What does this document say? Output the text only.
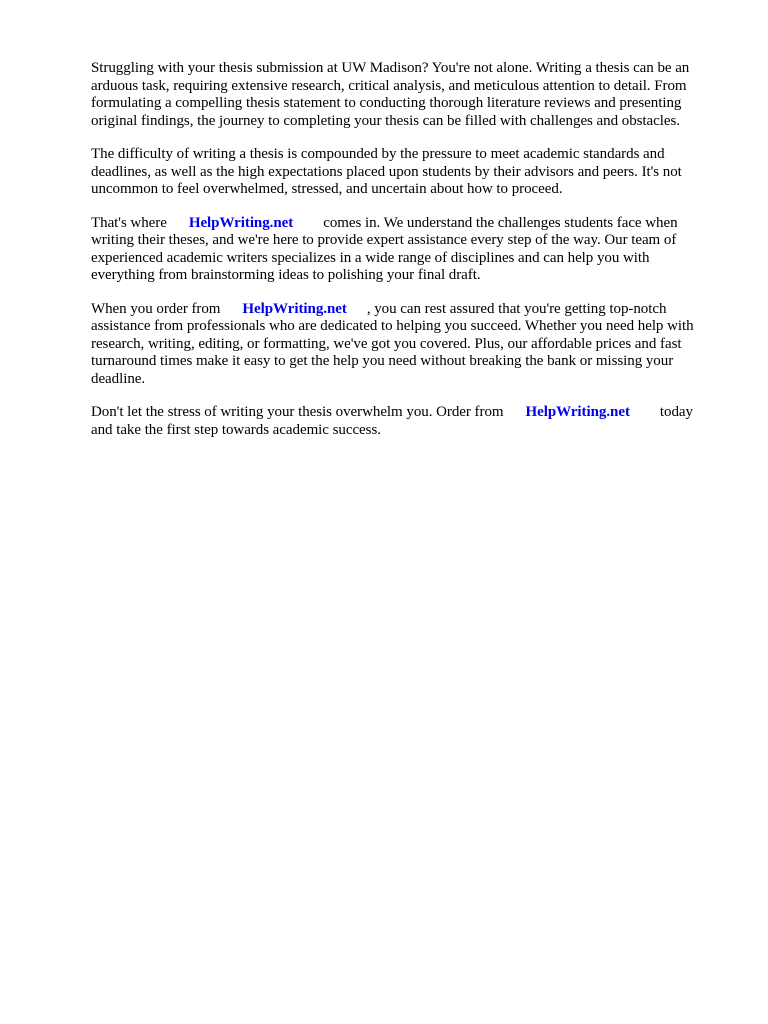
Struggling with your thesis submission at UW Madison? You're not alone. Writing a thesis can be an
arduous task, requiring extensive research, critical analysis, and meticulous attention to detail. From
formulating a compelling thesis statement to conducting thorough literature reviews and presenting
original findings, the journey to completing your thesis can be filled with challenges and obstacles.

The difficulty of writing a thesis is compounded by the pressure to meet academic standards and
deadlines, as well as the high expectations placed upon students by their advisors and peers. It's not
uncommon to feel overwhelmed, stressed, and uncertain about how to proceed.

That's where HelpWriting.net comes in. We understand the challenges students face when
writing their theses, and we're here to provide expert assistance every step of the way. Our team of
experienced academic writers specializes in a wide range of disciplines and can help you with
everything from brainstorming ideas to polishing your final draft.

When you order from HelpWriting.net , you can rest assured that you're getting top-notch
assistance from professionals who are dedicated to helping you succeed. Whether you need help with
research, writing, editing, or formatting, we've got you covered. Plus, our affordable prices and fast
turnaround times make it easy to get the help you need without breaking the bank or missing your
deadline.

Don't let the stress of writing your thesis overwhelm you. Order from HelpWriting.net today
and take the first step towards academic success.
